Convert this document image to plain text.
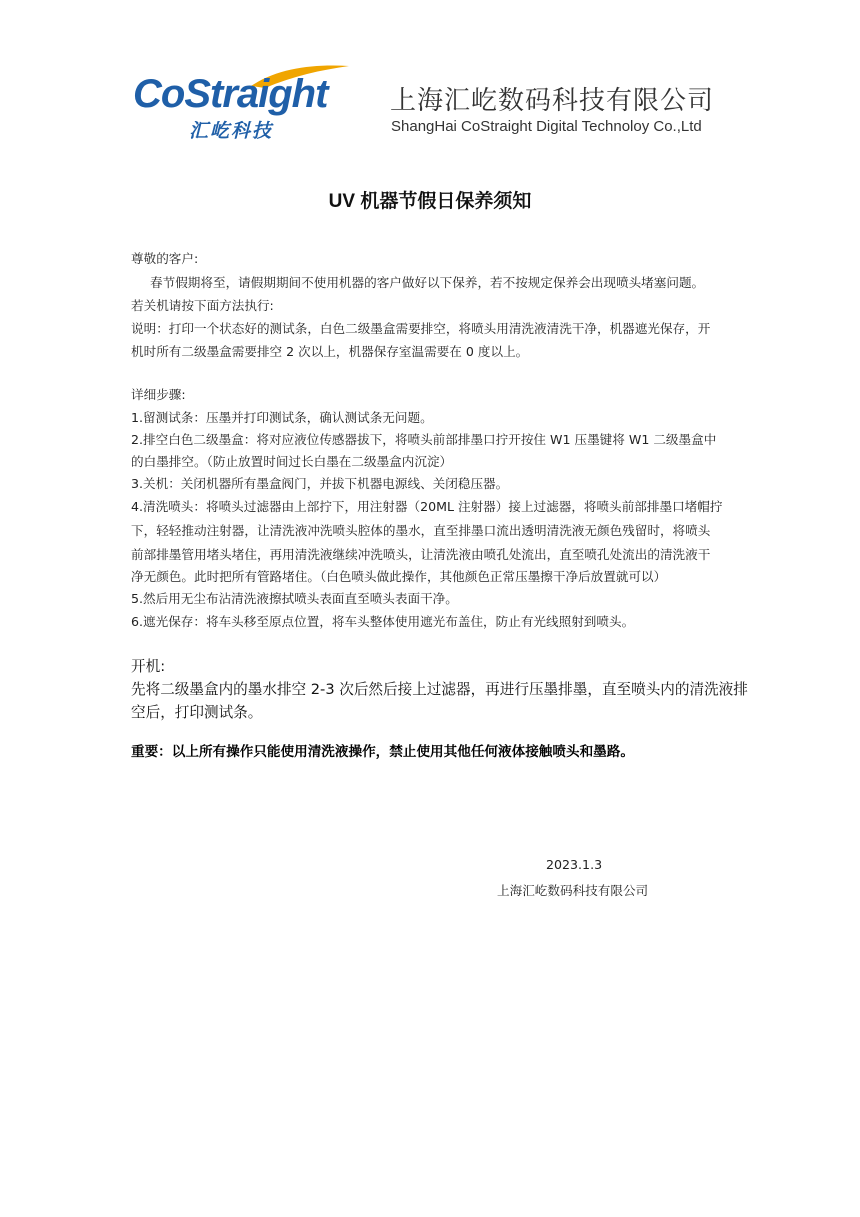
CoStraight
汇屹科技
上海汇屹数码科技有限公司
ShangHai CoStraight Digital Technoloy Co.,Ltd
UV 机器节假日保养须知
尊敬的客户:
春节假期将至，请假期期间不使用机器的客户做好以下保养，若不按规定保养会出现喷头堵塞问题。
若关机请按下面方法执行:
说明：打印一个状态好的测试条，白色二级墨盒需要排空，将喷头用清洗液清洗干净，机器遮光保存，开
机时所有二级墨盒需要排空 2 次以上，机器保存室温需要在 0 度以上。
详细步骤:
1.留测试条：压墨并打印测试条，确认测试条无问题。
2.排空白色二级墨盒：将对应液位传感器拔下，将喷头前部排墨口拧开按住 W1 压墨键将 W1 二级墨盒中
的白墨排空。（防止放置时间过长白墨在二级墨盒内沉淀）
3.关机：关闭机器所有墨盒阀门，并拔下机器电源线、关闭稳压器。
4.清洗喷头：将喷头过滤器由上部拧下，用注射器（20ML 注射器）接上过滤器，将喷头前部排墨口堵帽拧
下，轻轻推动注射器，让清洗液冲洗喷头腔体的墨水，直至排墨口流出透明清洗液无颜色残留时，将喷头
前部排墨管用堵头堵住，再用清洗液继续冲洗喷头，让清洗液由喷孔处流出，直至喷孔处流出的清洗液干
净无颜色。此时把所有管路堵住。（白色喷头做此操作，其他颜色正常压墨擦干净后放置就可以）
5.然后用无尘布沾清洗液擦拭喷头表面直至喷头表面干净。
6.遮光保存：将车头移至原点位置，将车头整体使用遮光布盖住，防止有光线照射到喷头。
开机:
先将二级墨盒内的墨水排空 2-3 次后然后接上过滤器，再进行压墨排墨，直至喷头内的清洗液排
空后，打印测试条。
重要：以上所有操作只能使用清洗液操作，禁止使用其他任何液体接触喷头和墨路。
2023.1.3
上海汇屹数码科技有限公司
